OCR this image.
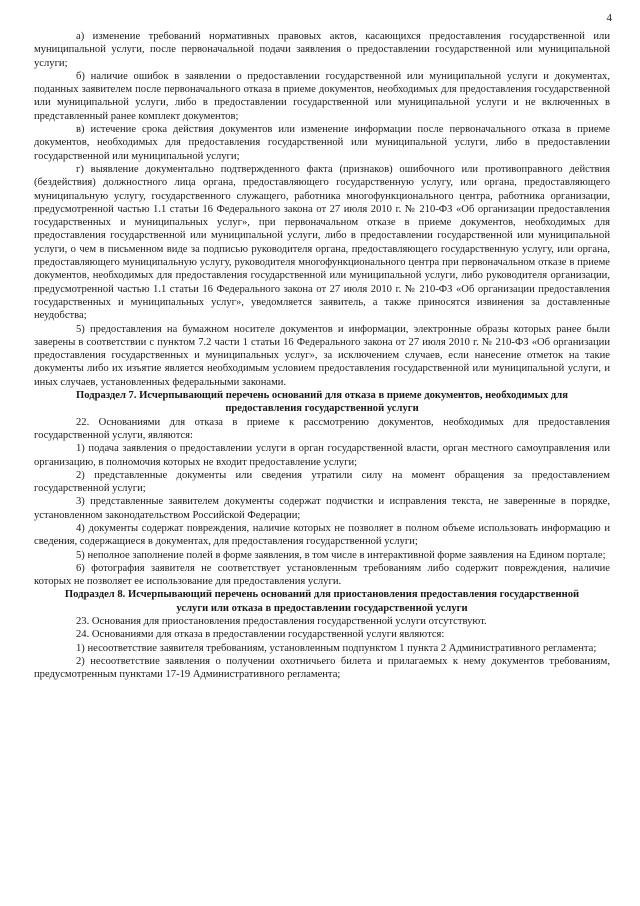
4

а) изменение требований нормативных правовых актов, касающихся предоставления государственной или муниципальной услуги, после первоначальной подачи заявления о предоставлении государственной или муниципальной услуги;

б) наличие ошибок в заявлении о предоставлении государственной или муниципальной услуги и документах, поданных заявителем после первоначального отказа в приеме документов, необходимых для предоставления государственной или муниципальной услуги, либо в предоставлении государственной или муниципальной услуги и не включенных в представленный ранее комплект документов;

в) истечение срока действия документов или изменение информации после первоначального отказа в приеме документов, необходимых для предоставления государственной или муниципальной услуги, либо в предоставлении государственной или муниципальной услуги;

г) выявление документально подтвержденного факта (признаков) ошибочного или противоправного действия (бездействия) должностного лица органа, предоставляющего государственную услугу, или органа, предоставляющего муниципальную услугу, государственного служащего, работника многофункционального центра, работника организации, предусмотренной частью 1.1 статьи 16 Федерального закона от 27 июля 2010 г. № 210-ФЗ «Об организации предоставления государственных и муниципальных услуг», при первоначальном отказе в приеме документов, необходимых для предоставления государственной или муниципальной услуги, либо в предоставлении государственной или муниципальной услуги, о чем в письменном виде за подписью руководителя органа, предоставляющего государственную услугу, или органа, предоставляющего муниципальную услугу, руководителя многофункционального центра при первоначальном отказе в приеме документов, необходимых для предоставления государственной или муниципальной услуги, либо руководителя организации, предусмотренной частью 1.1 статьи 16 Федерального закона от 27 июля 2010 г. № 210-ФЗ «Об организации предоставления государственных и муниципальных услуг», уведомляется заявитель, а также приносятся извинения за доставленные неудобства;

5) предоставления на бумажном носителе документов и информации, электронные образы которых ранее были заверены в соответствии с пунктом 7.2 части 1 статьи 16 Федерального закона от 27 июля 2010 г. № 210-ФЗ «Об организации предоставления государственных и муниципальных услуг», за исключением случаев, если нанесение отметок на такие документы либо их изъятие является необходимым условием предоставления государственной или муниципальной услуги, и иных случаев, установленных федеральными законами.

Подраздел 7. Исчерпывающий перечень оснований для отказа в приеме документов, необходимых для предоставления государственной услуги

22. Основаниями для отказа в приеме к рассмотрению документов, необходимых для предоставления государственной услуги, являются:

1) подача заявления о предоставлении услуги в орган государственной власти, орган местного самоуправления или организацию, в полномочия которых не входит предоставление услуги;

2) представленные документы или сведения утратили силу на момент обращения за предоставлением государственной услуги;

3) представленные заявителем документы содержат подчистки и исправления текста, не заверенные в порядке, установленном законодательством Российской Федерации;

4) документы содержат повреждения, наличие которых не позволяет в полном объеме использовать информацию и сведения, содержащиеся в документах, для предоставления государственной услуги;

5) неполное заполнение полей в форме заявления, в том числе в интерактивной форме заявления на Едином портале;

6) фотография заявителя не соответствует установленным требованиям либо содержит повреждения, наличие которых не позволяет ее использование для предоставления услуги.

Подраздел 8. Исчерпывающий перечень оснований для приостановления предоставления государственной услуги или отказа в предоставлении государственной услуги

23. Основания для приостановления предоставления государственной услуги отсутствуют.

24. Основаниями для отказа в предоставлении государственной услуги являются:

1) несоответствие заявителя требованиям, установленным подпунктом 1 пункта 2 Административного регламента;

2) несоответствие заявления о получении охотничьего билета и прилагаемых к нему документов требованиям, предусмотренным пунктами 17-19 Административного регламента;
